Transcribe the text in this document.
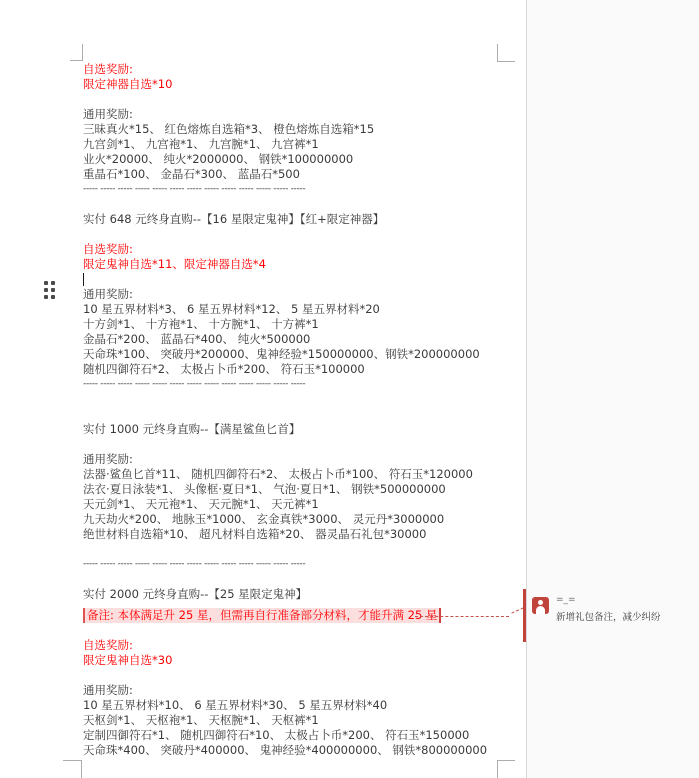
自选奖励:

限定神器自选*10

通用奖励:

三昧真火*15、 红色熔炼自选箱*3、 橙色熔炼自选箱*15

九宫剑*1、 九宫袍*1、 九宫腕*1、 九宫裤*1

业火*20000、 纯火*2000000、 钢铁*100000000

重晶石*100、 金晶石*300、 蓝晶石*500

----- ----- ----- ----- ----- ----- ----- ----- ----- ----- ----- ----- -----

实付 648 元终身直购--【16 星限定鬼神】【红+限定神器】

自选奖励:

限定鬼神自选*11、限定神器自选*4

通用奖励:

10 星五界材料*3、 6 星五界材料*12、 5 星五界材料*20

十方剑*1、 十方袍*1、 十方腕*1、 十方裤*1

金晶石*200、 蓝晶石*400、 纯火*500000

天命珠*100、 突破丹*200000、鬼神经验*150000000、钢铁*200000000

随机四御符石*2、 太极占卜币*200、 符石玉*100000

----- ----- ----- ----- ----- ----- ----- ----- ----- ----- ----- ----- -----

实付 1000 元终身直购--【满星鲨鱼匕首】

通用奖励:

法器·鲨鱼匕首*11、 随机四御符石*2、 太极占卜币*100、 符石玉*120000

法衣·夏日泳装*1、 头像框·夏日*1、 气泡·夏日*1、 钢铁*500000000

天元剑*1、 天元袍*1、 天元腕*1、 天元裤*1

九天劫火*200、 地脉玉*1000、 玄金真铁*3000、 灵元丹*3000000

绝世材料自选箱*10、 超凡材料自选箱*20、 器灵晶石礼包*30000

----- ----- ----- ----- ----- ----- ----- ----- ----- ----- ----- ----- -----

实付 2000 元终身直购--【25 星限定鬼神】

备注: 本体满足升 25 星，但需再自行准备部分材料，才能升满 25 星

自选奖励:

限定鬼神自选*30

通用奖励:

10 星五界材料*10、 6 星五界材料*30、 5 星五界材料*40

天枢剑*1、 天枢袍*1、 天枢腕*1、 天枢裤*1

定制四御符石*1、 随机四御符石*10、 太极占卜币*200、 符石玉*150000

天命珠*400、 突破丹*400000、 鬼神经验*400000000、 钢铁*800000000

=_=
新增礼包备注，减少纠纷
